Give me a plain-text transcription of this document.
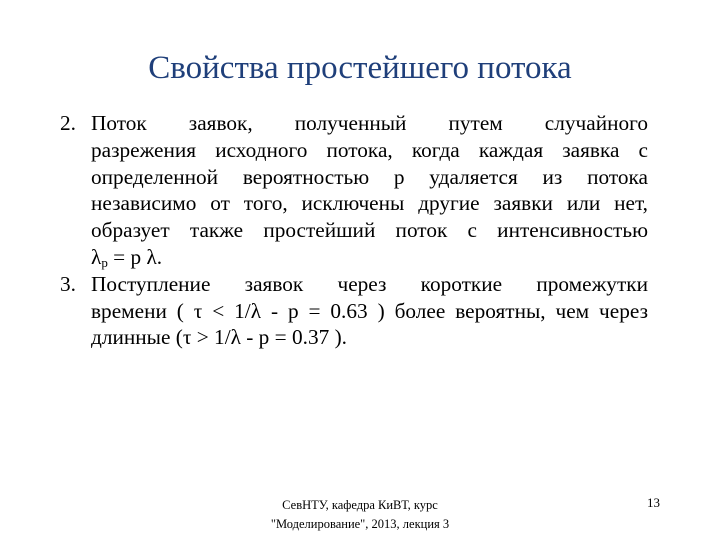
Свойства простейшего потока
2. Поток заявок, полученный путем случайного
разрежения исходного потока, когда каждая заявка с
определенной вероятностью р удаляется из потока
независимо от того, исключены другие заявки или нет,
образует также простейший поток с интенсивностью
$\lambda_р = р$ λ.
3. Поступление заявок через короткие промежутки
времени ( τ < 1/λ - р = 0.63 ) более вероятны, чем через
длинные (τ > 1/λ - р = 0.37 ).
СевНТУ, кафедра КиВТ, курс
"Моделирование", 2013, лекция 3
13
